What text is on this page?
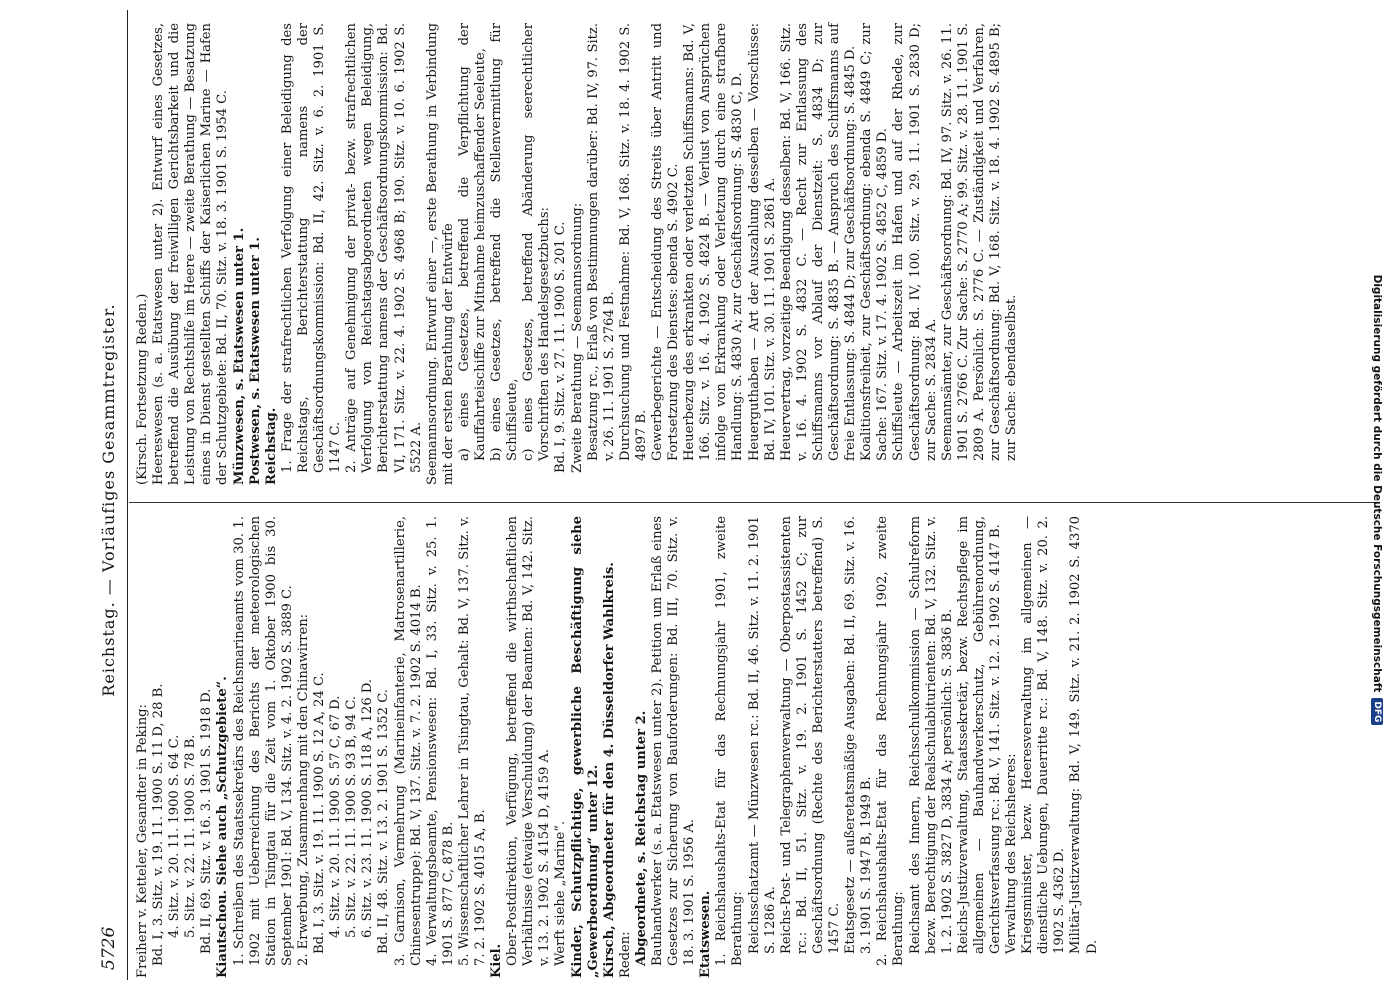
5726
Reichstag. — Vorläufiges Gesammtregister.

Freiherr v. Ketteler, Gesandter in Peking: Bd. I, 3. Sitz. v. 19. 11. 1900 S. 11 D, 28 B. 4. Sitz. v. 20. 11. 1900 S. 64 C. 5. Sitz. v. 22. 11. 1900 S. 78 B. Bd. II, 69. Sitz. v. 16. 3. 1901 S. 1918 D. Kiautschou. Siehe auch „Schutzgebiete“. 1. Schreiben des Staatssekretärs des Reichsmarineamts vom 30. 1. 1902 mit Ueberreichung des Berichts der meteorologischen Station in Tsingtau für die Zeit vom 1. Oktober 1900 bis 30. September 1901: Bd. V, 134. Sitz. v. 4. 2. 1902 S. 3889 C. 2. Erwerbung, Zusammenhang mit den Chinawirren: Bd. I, 3. Sitz. v. 19. 11. 1900 S. 12 A, 24 C. 4. Sitz. v. 20. 11. 1900 S. 57 C, 67 D. 5. Sitz. v. 22. 11. 1900 S. 93 B, 94 C. 6. Sitz. v. 23. 11. 1900 S. 118 A, 126 D. Bd. II, 48. Sitz. v. 13. 2. 1901 S. 1352 C. 3. Garnison, Vermehrung (Marineinfanterie, Matrosenartillerie, Chinesentruppe): Bd. V, 137. Sitz. v. 7. 2. 1902 S. 4014 B. 4. Verwaltungsbeamte, Pensionswesen: Bd. I, 33. Sitz. v. 25. 1. 1901 S. 877 C, 878 B. 5. Wissenschaftlicher Lehrer in Tsingtau, Gehalt: Bd. V, 137. Sitz. v. 7. 2. 1902 S. 4015 A, B. Kiel. Ober-Postdirektion, Verfügung, betreffend die wirthschaftlichen Verhältnisse (etwaige Verschuldung) der Beamten: Bd. V, 142. Sitz. v. 13. 2. 1902 S. 4154 D, 4159 A. Werft siehe „Marine“. Kinder, Schutzpflichtige, gewerbliche Beschäftigung siehe „Gewerbeordnung“ unter 12. Kirsch, Abgeordneter für den 4. Düsseldorfer Wahlkreis. Reden: Abgeordnete, s. Reichstag unter 2. Bauhandwerker (s. a. Etatswesen unter 2). Petition um Erlaß eines Gesetzes zur Sicherung von Bauforderungen: Bd. III, 70. Sitz. v. 18. 3. 1901 S. 1956 A. Etatswesen. 1. Reichshaushalts-Etat für das Rechnungsjahr 1901, zweite Berathung: Reichsschatzamt — Münzwesen rc.: Bd. II, 46. Sitz. v. 11. 2. 1901 S. 1286 A. Reichs-Post- und Telegraphenverwaltung — Oberpostassistenten rc.: Bd. II, 51. Sitz. v. 19. 2. 1901 S. 1452 C; zur Geschäftsordnung (Rechte des Berichterstatters betreffend) S. 1457 C. Etatsgesetz — außeretatsmäßige Ausgaben: Bd. II, 69. Sitz. v. 16. 3. 1901 S. 1947 B, 1949 B. 2. Reichshaushalts-Etat für das Rechnungsjahr 1902, zweite Berathung: Reichsamt des Innern, Reichsschulkommission — Schulreform bezw. Berechtigung der Realschulabiturienten: Bd. V, 132. Sitz. v. 1. 2. 1902 S. 3827 D, 3834 A; persönlich: S. 3836 B. Reichs-Justizverwaltung, Staatssekretär, bezw. Rechtspflege im allgemeinen — Bauhandwerkerschutz, Gebührenordnung, Gerichtsverfassung rc.: Bd. V, 141. Sitz. v. 12. 2. 1902 S. 4147 B. Verwaltung des Reichsheeres: Kriegsminister, bezw. Heeresverwaltung im allgemeinen — dienstliche Uebungen, Dauerritte rc.: Bd. V, 148. Sitz. v. 20. 2. 1902 S. 4362 D. Militär-Justizverwaltung: Bd. V, 149. Sitz. v. 21. 2. 1902 S. 4370 D.

(Kirsch. Fortsetzung Reden.) Heereswesen (s. a. Etatswesen unter 2). Entwurf eines Gesetzes, betreffend die Ausübung der freiwilligen Gerichtsbarkeit und die Leistung von Rechtshilfe im Heere — zweite Berathung — Besatzung eines in Dienst gestellten Schiffs der Kaiserlichen Marine — Hafen der Schutzgebiete: Bd. II, 70. Sitz. v. 18. 3. 1901 S. 1954 C. Münzwesen, s. Etatswesen unter 1. Postwesen, s. Etatswesen unter 1. Reichstag. 1. Frage der strafrechtlichen Verfolgung einer Beleidigung des Reichstags, Berichterstattung namens der Geschäftsordnungskommission: Bd. II, 42. Sitz. v. 6. 2. 1901 S. 1147 C. 2. Anträge auf Genehmigung der privat- bezw. strafrechtlichen Verfolgung von Reichstagsabgeordneten wegen Beleidigung, Berichterstattung namens der Geschäftsordnungskommission: Bd. VI, 171. Sitz. v. 22. 4. 1902 S. 4968 B; 190. Sitz. v. 10. 6. 1902 S. 5522 A. Seemannsordnung. Entwurf einer —, erste Berathung in Verbindung mit der ersten Berathung der Entwürfe a) eines Gesetzes, betreffend die Verpflichtung der Kauffahrteischiffe zur Mitnahme heimzuschaffender Seeleute, b) eines Gesetzes, betreffend die Stellenvermittlung für Schiffsleute, c) eines Gesetzes, betreffend Abänderung seerechtlicher Vorschriften des Handelsgesetzbuchs: Bd. I, 9. Sitz. v. 27. 11. 1900 S. 201 C. Zweite Berathung — Seemannsordnung: Besatzung rc., Erlaß von Bestimmungen darüber: Bd. IV, 97. Sitz. v. 26. 11. 1901 S. 2764 B. Durchsuchung und Festnahme: Bd. V, 168. Sitz. v. 18. 4. 1902 S. 4897 B. Gewerbegerichte — Entscheidung des Streits über Antritt und Fortsetzung des Dienstes: ebenda S. 4902 C. Heuerbezug des erkrankten oder verletzten Schiffsmanns: Bd. V, 166. Sitz. v. 16. 4. 1902 S. 4824 B. — Verlust von Ansprüchen infolge von Erkrankung oder Verletzung durch eine strafbare Handlung: S. 4830 A; zur Geschäftsordnung: S. 4830 C, D. Heuerguthaben — Art der Auszahlung desselben — Vorschüsse: Bd. IV, 101. Sitz. v. 30. 11. 1901 S. 2861 A. Heuervertrag, vorzeitige Beendigung desselben: Bd. V, 166. Sitz. v. 16. 4. 1902 S. 4832 C. — Recht zur Entlassung des Schiffsmanns vor Ablauf der Dienstzeit: S. 4834 D; zur Geschäftsordnung: S. 4835 B. — Anspruch des Schiffsmanns auf freie Entlassung: S. 4844 D; zur Geschäftsordnung: S. 4845 D. Koalitionsfreiheit, zur Geschäftsordnung: ebenda S. 4849 C; zur Sache: 167. Sitz. v. 17. 4. 1902 S. 4852 C, 4859 D. Schiffsleute — Arbeitszeit im Hafen und auf der Rhede, zur Geschäftsordnung: Bd. IV, 100. Sitz. v. 29. 11. 1901 S. 2830 D; zur Sache: S. 2834 A. Seemannsämter, zur Geschäftsordnung: Bd. IV, 97. Sitz. v. 26. 11. 1901 S. 2766 C. Zur Sache: S. 2770 A; 99. Sitz. v. 28. 11. 1901 S. 2809 A. Persönlich: S. 2776 C. — Zuständigkeit und Verfahren, zur Geschäftsordnung: Bd. V, 168. Sitz. v. 18. 4. 1902 S. 4895 B; zur Sache: ebendaselbst.	Digitalisierung gefördert durch die Deutsche Forschungsgemeinschaft
DFG
